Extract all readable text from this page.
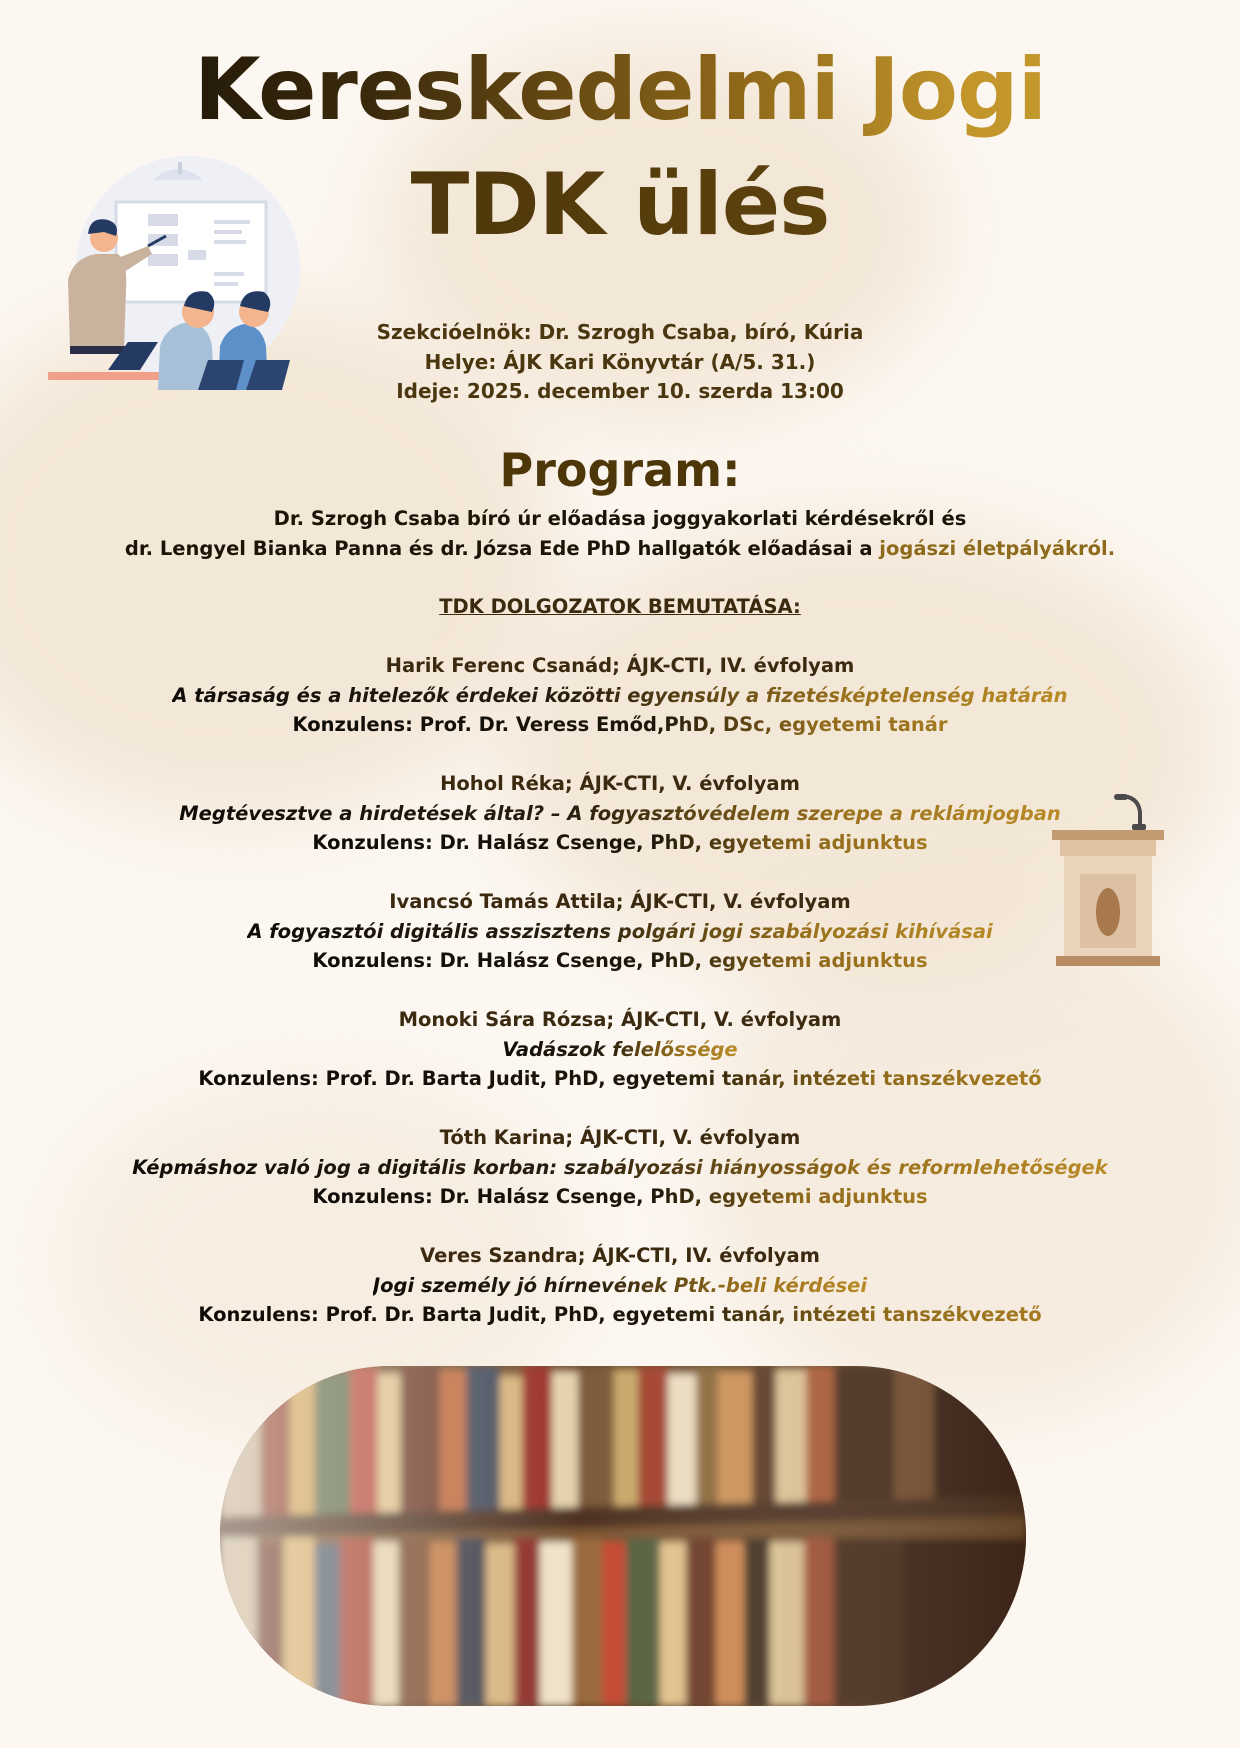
Kereskedelmi Jogi
TDK ülés
Szekcióelnök: Dr. Szrogh Csaba, bíró, Kúria
Helye: ÁJK Kari Könyvtár (A/5. 31.)
Ideje: 2025. december 10. szerda 13:00
Program:
Dr. Szrogh Csaba bíró úr előadása joggyakorlati kérdésekről és
dr. Lengyel Bianka Panna és dr. Józsa Ede PhD hallgatók előadásai a jogászi életpályákról.
TDK DOLGOZATOK BEMUTATÁSA:
Harik Ferenc Csanád; ÁJK-CTI, IV. évfolyam
A társaság és a hitelezők érdekei közötti egyensúly a fizetésképtelenség határán
Konzulens: Prof. Dr. Veress Emőd,PhD, DSc, egyetemi tanár
Hohol Réka; ÁJK-CTI, V. évfolyam
Megtévesztve a hirdetések által? – A fogyasztóvédelem szerepe a reklámjogban
Konzulens: Dr. Halász Csenge, PhD, egyetemi adjunktus
Ivancsó Tamás Attila; ÁJK-CTI, V. évfolyam
A fogyasztói digitális asszisztens polgári jogi szabályozási kihívásai
Konzulens: Dr. Halász Csenge, PhD, egyetemi adjunktus
Monoki Sára Rózsa; ÁJK-CTI, V. évfolyam
Vadászok felelőssége
Konzulens: Prof. Dr. Barta Judit, PhD, egyetemi tanár, intézeti tanszékvezető
Tóth Karina; ÁJK-CTI, V. évfolyam
Képmáshoz való jog a digitális korban: szabályozási hiányosságok és reformlehetőségek
Konzulens: Dr. Halász Csenge, PhD, egyetemi adjunktus
Veres Szandra; ÁJK-CTI, IV. évfolyam
Jogi személy jó hírnevének Ptk.-beli kérdései
Konzulens: Prof. Dr. Barta Judit, PhD, egyetemi tanár, intézeti tanszékvezető
